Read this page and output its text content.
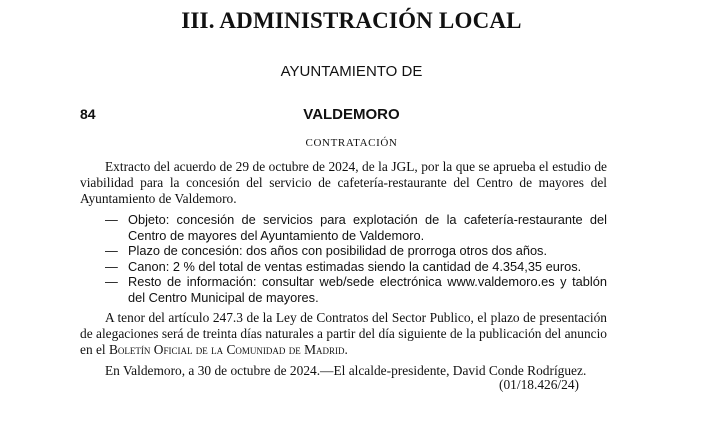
III. ADMINISTRACIÓN LOCAL
AYUNTAMIENTO DE
84	VALDEMORO
CONTRATACIÓN

Extracto del acuerdo de 29 de octubre de 2024, de la JGL, por la que se aprueba el estudio de viabilidad para la concesión del servicio de cafetería-restaurante del Centro de mayores del Ayuntamiento de Valdemoro.

— Objeto: concesión de servicios para explotación de la cafetería-restaurante del Centro de mayores del Ayuntamiento de Valdemoro.
— Plazo de concesión: dos años con posibilidad de prorroga otros dos años.
— Canon: 2 % del total de ventas estimadas siendo la cantidad de 4.354,35 euros.
— Resto de información: consultar web/sede electrónica www.valdemoro.es y tablón del Centro Municipal de mayores.

A tenor del artículo 247.3 de la Ley de Contratos del Sector Publico, el plazo de presentación de alegaciones será de treinta días naturales a partir del día siguiente de la publicación del anuncio en el Boletín Oficial de la Comunidad de Madrid.

En Valdemoro, a 30 de octubre de 2024.—El alcalde-presidente, David Conde Rodríguez.

(01/18.426/24)
